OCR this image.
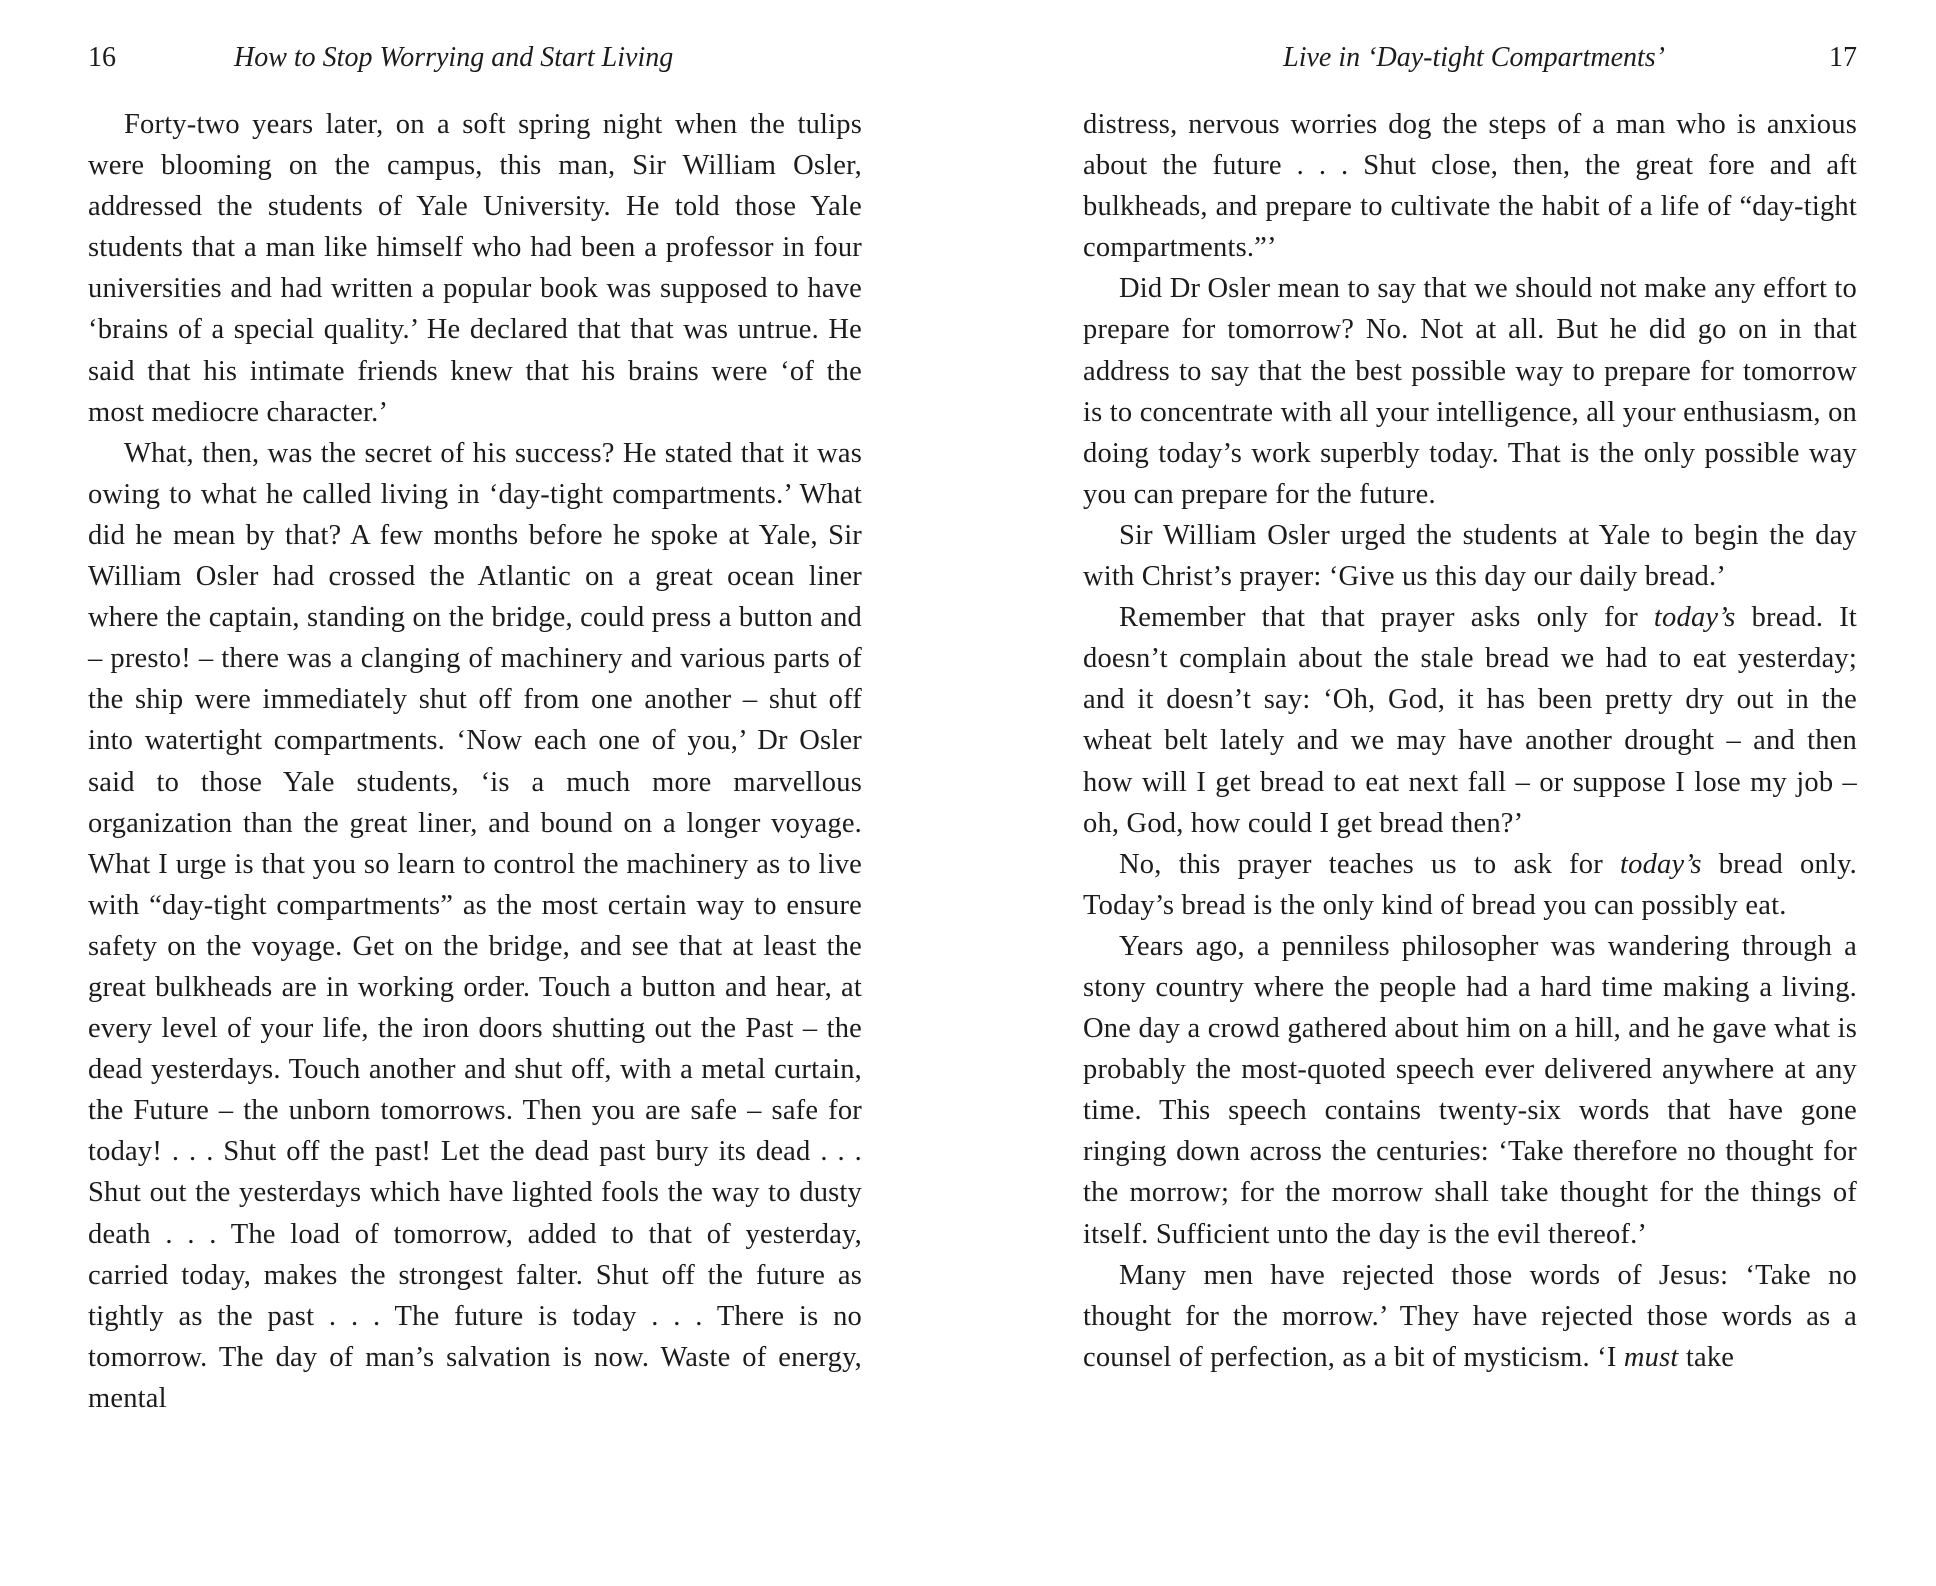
16	How to Stop Worrying and Start Living

Forty-two years later, on a soft spring night when the tulips were blooming on the campus, this man, Sir William Osler, addressed the students of Yale University. He told those Yale students that a man like himself who had been a professor in four universities and had written a popular book was supposed to have ‘brains of a special quality.’ He declared that that was untrue. He said that his intimate friends knew that his brains were ‘of the most mediocre character.’

What, then, was the secret of his success? He stated that it was owing to what he called living in ‘day-tight compartments.’ What did he mean by that? A few months before he spoke at Yale, Sir William Osler had crossed the Atlantic on a great ocean liner where the captain, standing on the bridge, could press a button and – presto! – there was a clanging of machinery and various parts of the ship were immediately shut off from one another – shut off into watertight compartments. ‘Now each one of you,’ Dr Osler said to those Yale students, ‘is a much more marvellous organization than the great liner, and bound on a longer voyage. What I urge is that you so learn to control the machinery as to live with “day-tight compartments” as the most certain way to ensure safety on the voyage. Get on the bridge, and see that at least the great bulkheads are in working order. Touch a button and hear, at every level of your life, the iron doors shutting out the Past – the dead yesterdays. Touch another and shut off, with a metal curtain, the Future – the unborn tomorrows. Then you are safe – safe for today! . . . Shut off the past! Let the dead past bury its dead . . . Shut out the yesterdays which have lighted fools the way to dusty death . . . The load of tomorrow, added to that of yesterday, carried today, makes the strongest falter. Shut off the future as tightly as the past . . . The future is today . . . There is no tomorrow. The day of man’s salvation is now. Waste of energy, mental

Live in ‘Day-tight Compartments’	17

distress, nervous worries dog the steps of a man who is anxious about the future . . . Shut close, then, the great fore and aft bulkheads, and prepare to cultivate the habit of a life of “day-tight compartments.”’

Did Dr Osler mean to say that we should not make any effort to prepare for tomorrow? No. Not at all. But he did go on in that address to say that the best possible way to prepare for tomorrow is to concentrate with all your intelligence, all your enthusiasm, on doing today’s work superbly today. That is the only possible way you can prepare for the future.

Sir William Osler urged the students at Yale to begin the day with Christ’s prayer: ‘Give us this day our daily bread.’

Remember that that prayer asks only for today’s bread. It doesn’t complain about the stale bread we had to eat yesterday; and it doesn’t say: ‘Oh, God, it has been pretty dry out in the wheat belt lately and we may have another drought – and then how will I get bread to eat next fall – or suppose I lose my job – oh, God, how could I get bread then?’

No, this prayer teaches us to ask for today’s bread only. Today’s bread is the only kind of bread you can possibly eat.

Years ago, a penniless philosopher was wandering through a stony country where the people had a hard time making a living. One day a crowd gathered about him on a hill, and he gave what is probably the most-quoted speech ever delivered anywhere at any time. This speech contains twenty-six words that have gone ringing down across the centuries: ‘Take therefore no thought for the morrow; for the morrow shall take thought for the things of itself. Sufficient unto the day is the evil thereof.’

Many men have rejected those words of Jesus: ‘Take no thought for the morrow.’ They have rejected those words as a counsel of perfection, as a bit of mysticism. ‘I must take
